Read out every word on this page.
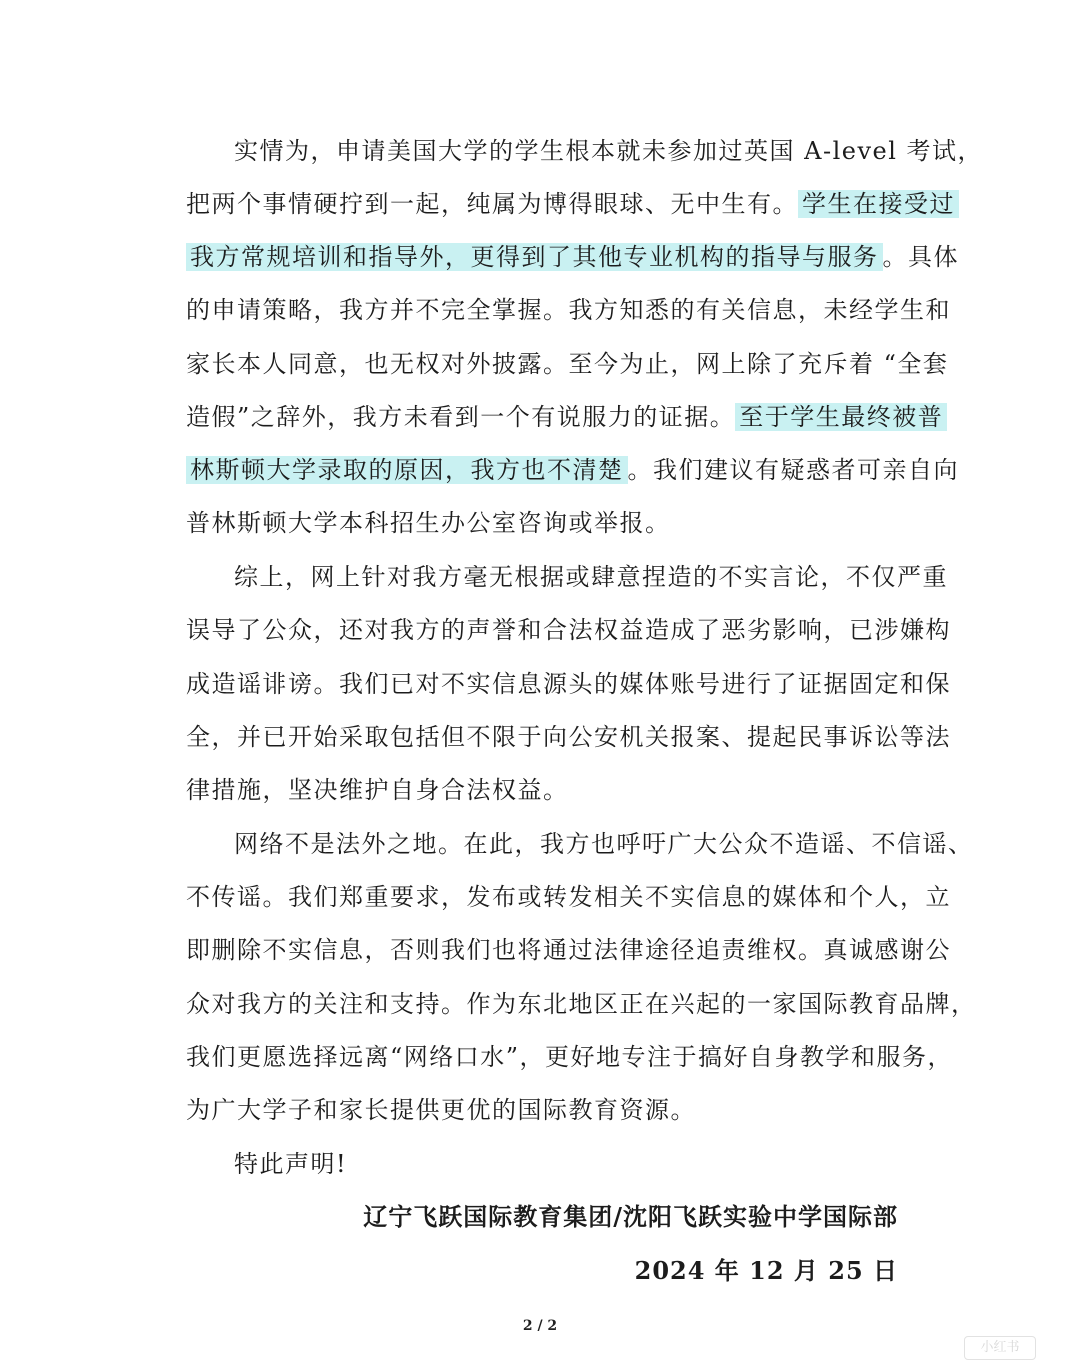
实情为，申请美国大学的学生根本就未参加过英国 A-level 考试，
把两个事情硬拧到一起，纯属为博得眼球、无中生有。 学生在接受过
我方常规培训和指导外，更得到了其他专业机构的指导与服务 。具体
的申请策略，我方并不完全掌握。我方知悉的有关信息，未经学生和
家长本人同意，也无权对外披露。至今为止，网上除了充斥着 “全套
造假”之辞外，我方未看到一个有说服力的证据。 至于学生最终被普
林斯顿大学录取的原因，我方也不清楚 。我们建议有疑惑者可亲自向
普林斯顿大学本科招生办公室咨询或举报。
综上，网上针对我方毫无根据或肆意捏造的不实言论，不仅严重
误导了公众，还对我方的声誉和合法权益造成了恶劣影响，已涉嫌构
成造谣诽谤。我们已对不实信息源头的媒体账号进行了证据固定和保
全，并已开始采取包括但不限于向公安机关报案、提起民事诉讼等法
律措施，坚决维护自身合法权益。
网络不是法外之地。在此，我方也呼吁广大公众不造谣、不信谣、
不传谣。我们郑重要求，发布或转发相关不实信息的媒体和个人，立
即删除不实信息，否则我们也将通过法律途径追责维权。真诚感谢公
众对我方的关注和支持。作为东北地区正在兴起的一家国际教育品牌，
我们更愿选择远离“网络口水”，更好地专注于搞好自身教学和服务，
为广大学子和家长提供更优的国际教育资源。
特此声明!
辽宁飞跃国际教育集团/沈阳飞跃实验中学国际部
2024 年 12 月 25 日
2 / 2
小红书
